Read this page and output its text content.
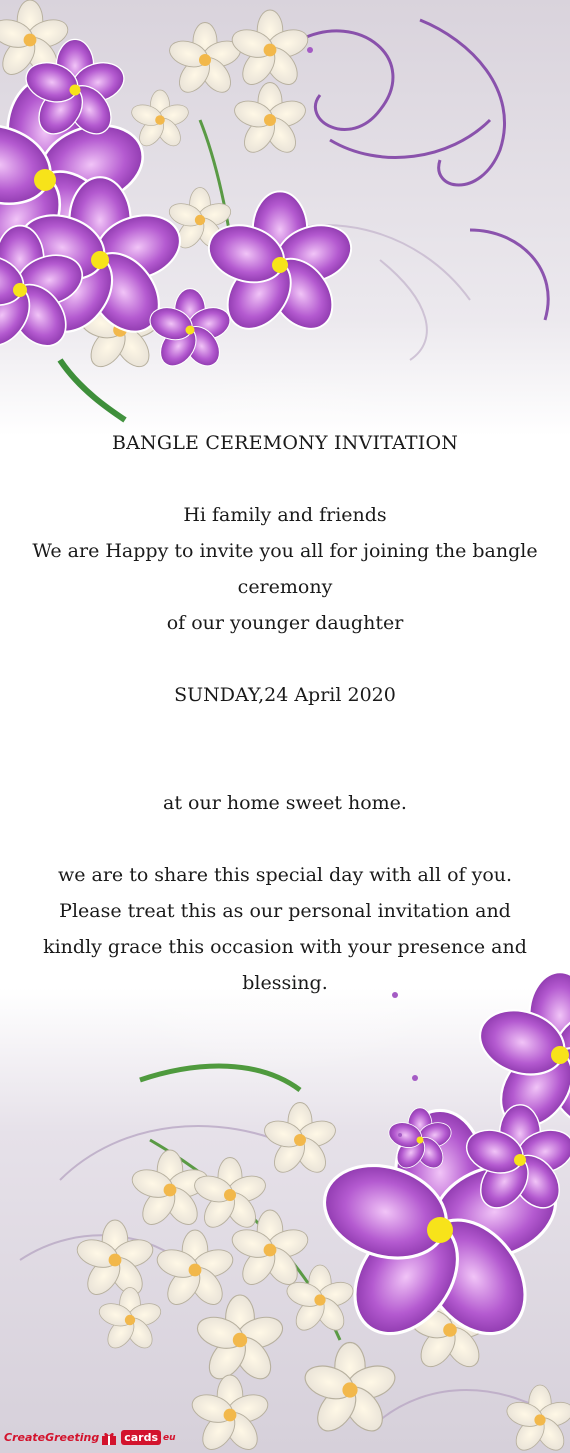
BANGLE CEREMONY INVITATION
Hi family and friends
We are Happy to invite you all for joining the bangle
ceremony
of our younger daughter
SUNDAY,24 April 2020
at our home sweet home.
we are to share this special day with all of you.
Please treat this as our personal invitation and
kindly grace this occasion with your presence and
blessing.
CreateGreeting cards eu
